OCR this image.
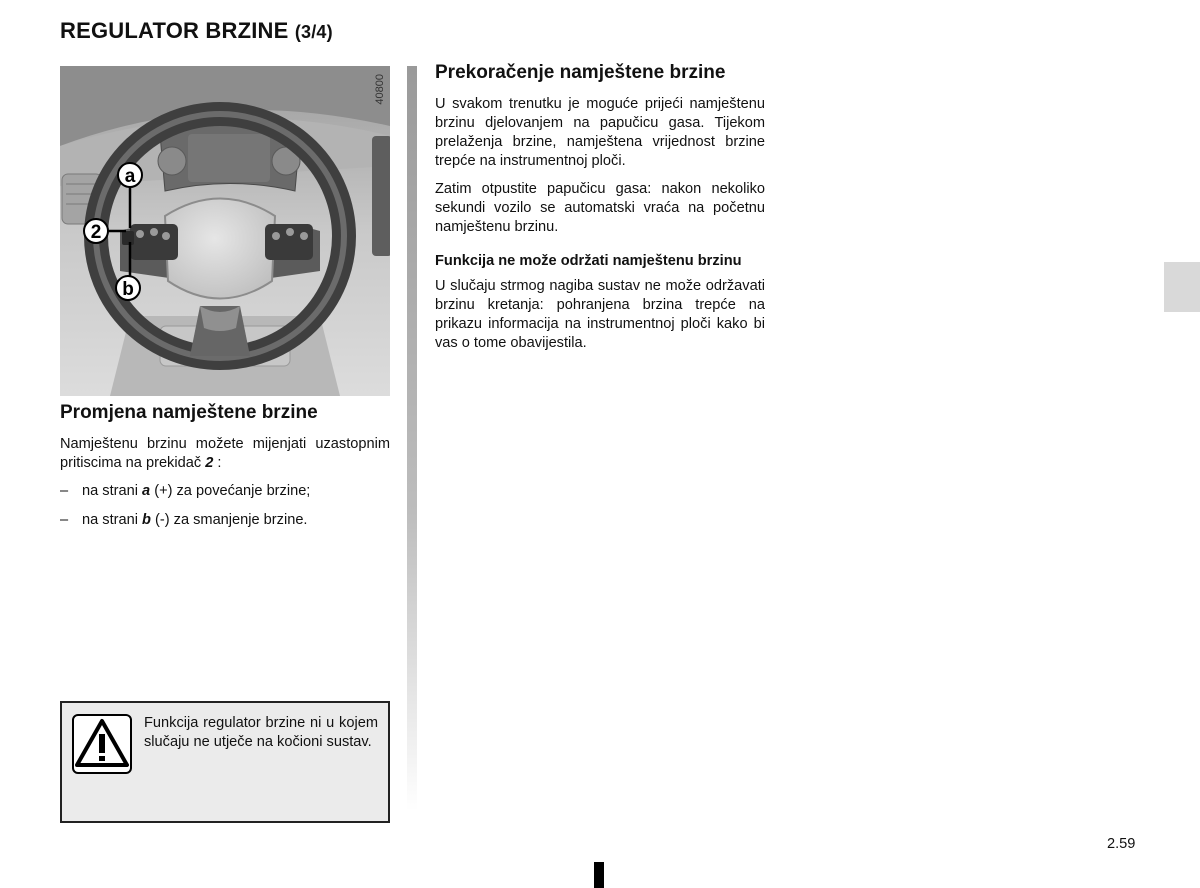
REGULATOR BRZINE (3/4)
a
2
b
40800
Promjena namještene brzine
Namještenu brzinu možete mijenjati uzastopnim pritiscima na prekidač 2 :
– na strani a (+) za povećanje brzine;
– na strani b (-) za smanjenje brzine.
Prekoračenje namještene brzine
U svakom trenutku je moguće prijeći namještenu brzinu djelovanjem na papučicu gasa. Tijekom prelaženja brzine, namještena vrijednost brzine trepće na instrumentnoj ploči.
Zatim otpustite papučicu gasa: nakon nekoliko sekundi vozilo se automatski vraća na početnu namještenu brzinu.
Funkcija ne može održati namještenu brzinu
U slučaju strmog nagiba sustav ne može održavati brzinu kretanja: pohranjena brzina trepće na prikazu informacija na instrumentnoj ploči kako bi vas o tome obavijestila.
Funkcija regulator brzine ni u kojem slučaju ne utječe na kočioni sustav.
2.59
